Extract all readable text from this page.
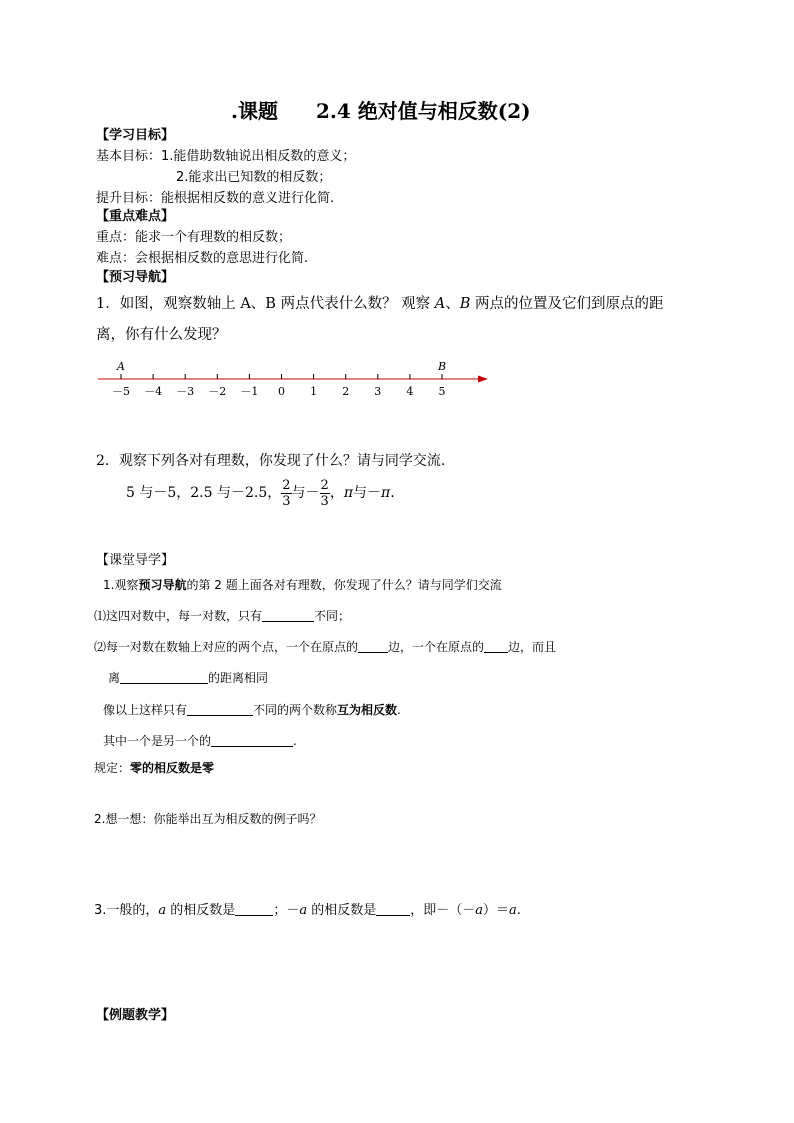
.课题 2.4 绝对值与相反数(2)
【学习目标】
基本目标：1.能借助数轴说出相反数的意义；
2.能求出已知数的相反数；
提升目标：能根据相反数的意义进行化简.
【重点难点】
重点：能求一个有理数的相反数；
难点：会根据相反数的意思进行化简.
【预习导航】
1．如图，观察数轴上 A、B 两点代表什么数？ 观察 A、B 两点的位置及它们到原点的距
离，你有什么发现？
－5 －4 －3 －2 －1 0 1 2 3 4 5
A	B
2．观察下列各对有理数，你发现了什么？请与同学交流.
5 与－5，2.5 与－2.5， $\frac{2}{3}$ 与－ $\frac{2}{3}$ ，π与－π.
【课堂导学】
1.观察预习导航的第 2 题上面各对有理数，你发现了什么？请与同学们交流
⑴这四对数中，每一对数，只有	不同；
⑵每一对数在数轴上对应的两个点，一个在原点的	边，一个在原点的 边，而且
离	的距离相同
像以上这样只有	不同的两个数称互为相反数.
其中一个是另一个的	.
规定：零的相反数是零
2.想一想：你能举出互为相反数的例子吗？
3.一般的，a 的相反数是	；－a 的相反数是	，即－（－a）＝a.
【例题教学】
